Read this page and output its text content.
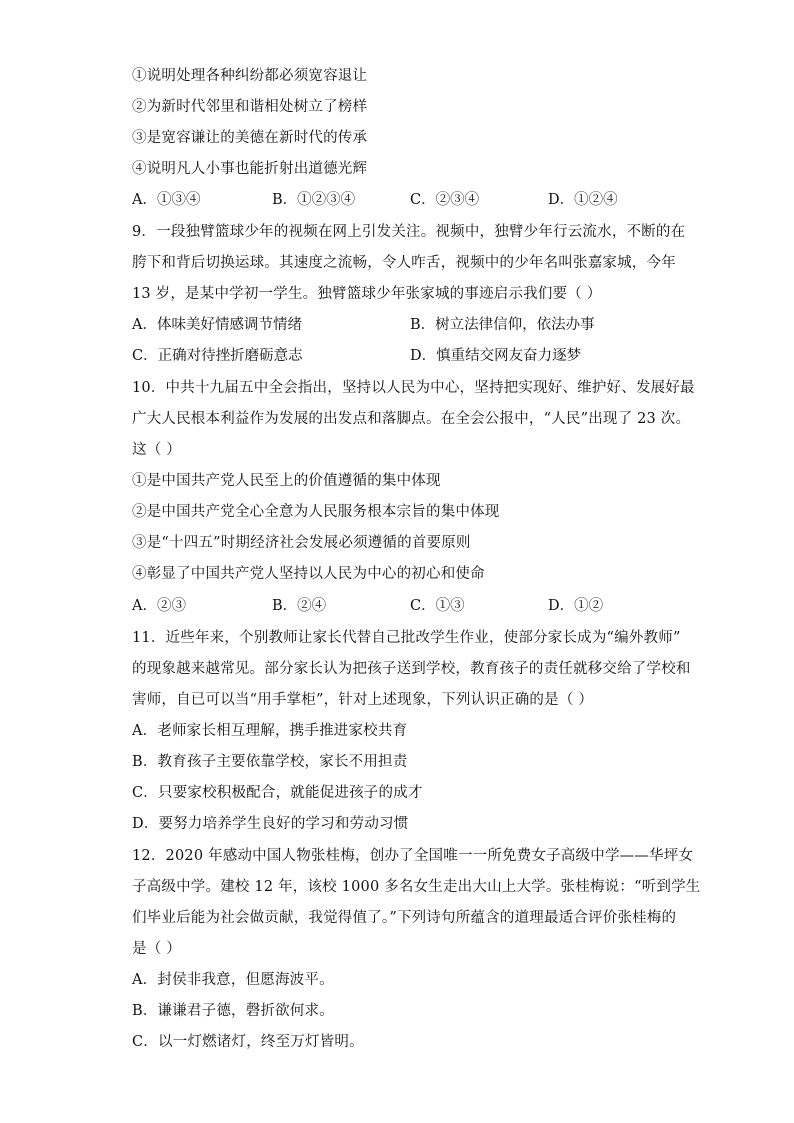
①说明处理各种纠纷都必须宽容退让
②为新时代邻里和谐相处树立了榜样
③是宽容谦让的美德在新时代的传承
④说明凡人小事也能折射出道德光辉
A．①③④	B．①②③④	C．②③④	D．①②④
9．一段独臂篮球少年的视频在网上引发关注。视频中，独臂少年行云流水，不断的在
胯下和背后切换运球。其速度之流畅，令人咋舌，视频中的少年名叫张嘉家城，今年
13 岁，是某中学初一学生。独臂篮球少年张家城的事迹启示我们要（ ）
A．体味美好情感调节情绪	B．树立法律信仰，依法办事
C．正确对待挫折磨砺意志	D．慎重结交网友奋力逐梦
10．中共十九届五中全会指出，坚持以人民为中心，坚持把实现好、维护好、发展好最
广大人民根本利益作为发展的出发点和落脚点。在全会公报中，“人民”出现了 23 次。
这（ ）
①是中国共产党人民至上的价值遵循的集中体现
②是中国共产党全心全意为人民服务根本宗旨的集中体现
③是“十四五”时期经济社会发展必须遵循的首要原则
④彰显了中国共产党人坚持以人民为中心的初心和使命
A．②③	B．②④	C．①③	D．①②
11．近些年来，个别教师让家长代替自己批改学生作业，使部分家长成为“编外教师”
的现象越来越常见。部分家长认为把孩子送到学校，教育孩子的责任就移交给了学校和
害师，自已可以当“用手掌柜”，针对上述现象，下列认识正确的是（ ）
A．老师家长相互理解，携手推进家校共育
B．教育孩子主要依靠学校，家长不用担责
C．只要家校积极配合，就能促进孩子的成才
D．要努力培养学生良好的学习和劳动习惯
12．2020 年感动中国人物张桂梅，创办了全国唯一一所免费女子高级中学——华坪女
子高级中学。建校 12 年，该校 1000 多名女生走出大山上大学。张桂梅说：“听到学生
们毕业后能为社会做贡献，我觉得值了。”下列诗句所蕴含的道理最适合评价张桂梅的
是（ ）
A．封侯非我意，但愿海波平。
B．谦谦君子德，磬折欲何求。
C．以一灯燃诸灯，终至万灯皆明。
